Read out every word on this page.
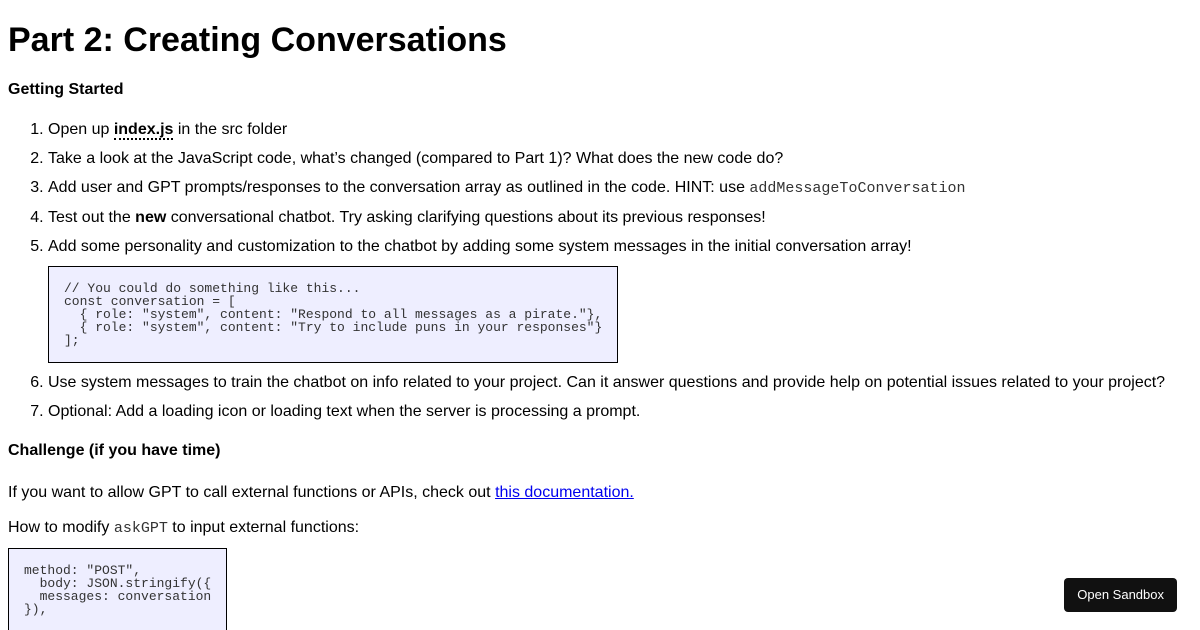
Part 2: Creating Conversations
Getting Started
1. Open up index.js in the src folder
2. Take a look at the JavaScript code, what’s changed (compared to Part 1)? What does the new code do?
3. Add user and GPT prompts/responses to the conversation array as outlined in the code. HINT: use addMessageToConversation
4. Test out the new conversational chatbot. Try asking clarifying questions about its previous responses!
5. Add some personality and customization to the chatbot by adding some system messages in the initial conversation array!
// You could do something like this...
const conversation = [
{ role: "system", content: "Respond to all messages as a pirate."},
{ role: "system", content: "Try to include puns in your responses"}
];
6. Use system messages to train the chatbot on info related to your project. Can it answer questions and provide help on potential issues related to your project?
7. Optional: Add a loading icon or loading text when the server is processing a prompt.
Challenge (if you have time)

If you want to allow GPT to call external functions or APIs, check out this documentation.

How to modify askGPT to input external functions:

method: "POST",
body: JSON.stringify({
messages: conversation
}),
Open Sandbox
